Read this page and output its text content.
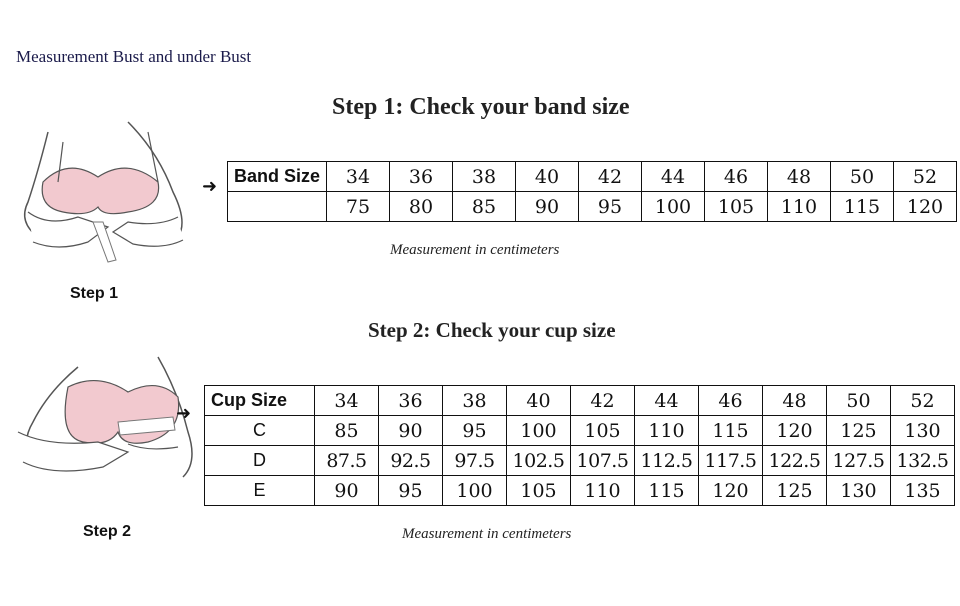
Measurement Bust and under Bust
Step 1
Step 2
Step 1: Check your band size
➜ Band Size	34	36	38	40	42	44	46	48	50	52
	75	80	85	90	95	100	105	110	115	120
Measurement in centimeters
Step 2: Check your cup size
➜
Cup Size	34	36	38	40	42	44	46	48	50	52
C	85	90	95	100	105	110	115	120	125	130
D	87.5	92.5	97.5	102.5	107.5	112.5	117.5	122.5	127.5	132.5
E	90	95	100	105	110	115	120	125	130	135
Measurement in centimeters
